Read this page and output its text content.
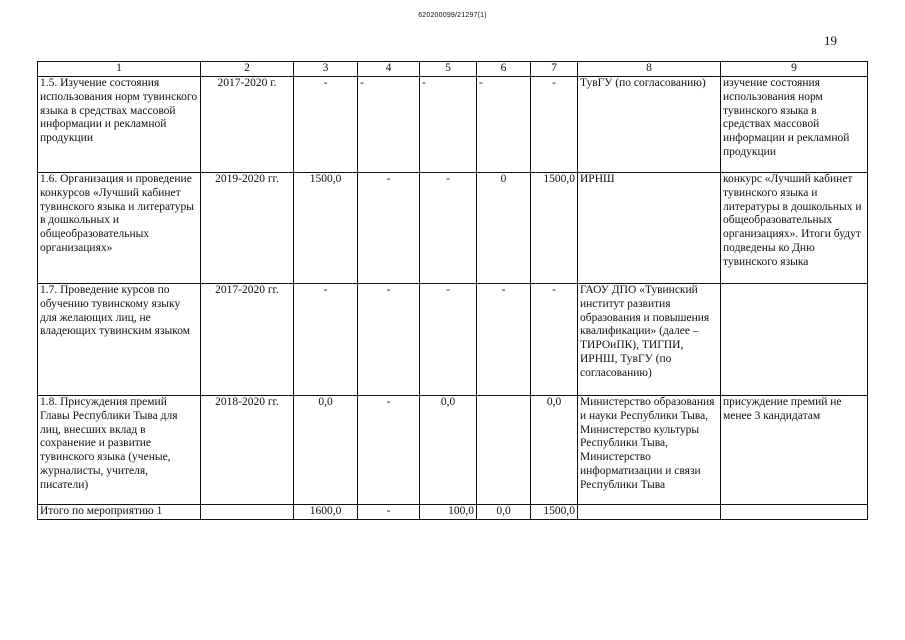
620200099/21297(1)
19
1	2	3	4	5	6	7	8	9
1.5. Изучение состояния использования норм тувинского языка в средствах массовой информации и рекламной продукции	2017-2020 г.	-	-	-	-	-	ТувГУ (по согласованию)	изучение состояния использования норм тувинского языка в средствах массовой информации и рекламной продукции
1.6. Организация и проведение конкурсов «Лучший кабинет тувинского языка и литературы в дошкольных и общеобразовательных организациях»	2019-2020 гг.	1500,0	-	-	0	1500,0	ИРНШ	конкурс «Лучший кабинет тувинского языка и литературы в дошкольных и общеобразовательных организациях». Итоги будут подведены ко Дню тувинского языка
1.7. Проведение курсов по обучению тувинскому языку для желающих лиц, не владеющих тувинским языком	2017-2020 гг.	-	-	-	-	-	ГАОУ ДПО «Тувинский институт развития образования и повышения квалификации» (далее – ТИРОиПК), ТИГПИ, ИРНШ, ТувГУ (по согласованию)	
1.8. Присуждения премий Главы Республики Тыва для лиц, внесших вклад в сохранение и развитие тувинского языка (ученые, журналисты, учителя, писатели)	2018-2020 гг.	0,0	-	0,0		0,0	Министерство образования и науки Республики Тыва, Министерство культуры Республики Тыва, Министерство информатизации и связи Республики Тыва	присуждение премий не менее 3 кандидатам
Итого по мероприятию 1		1600,0	-	100,0	0,0	1500,0		
